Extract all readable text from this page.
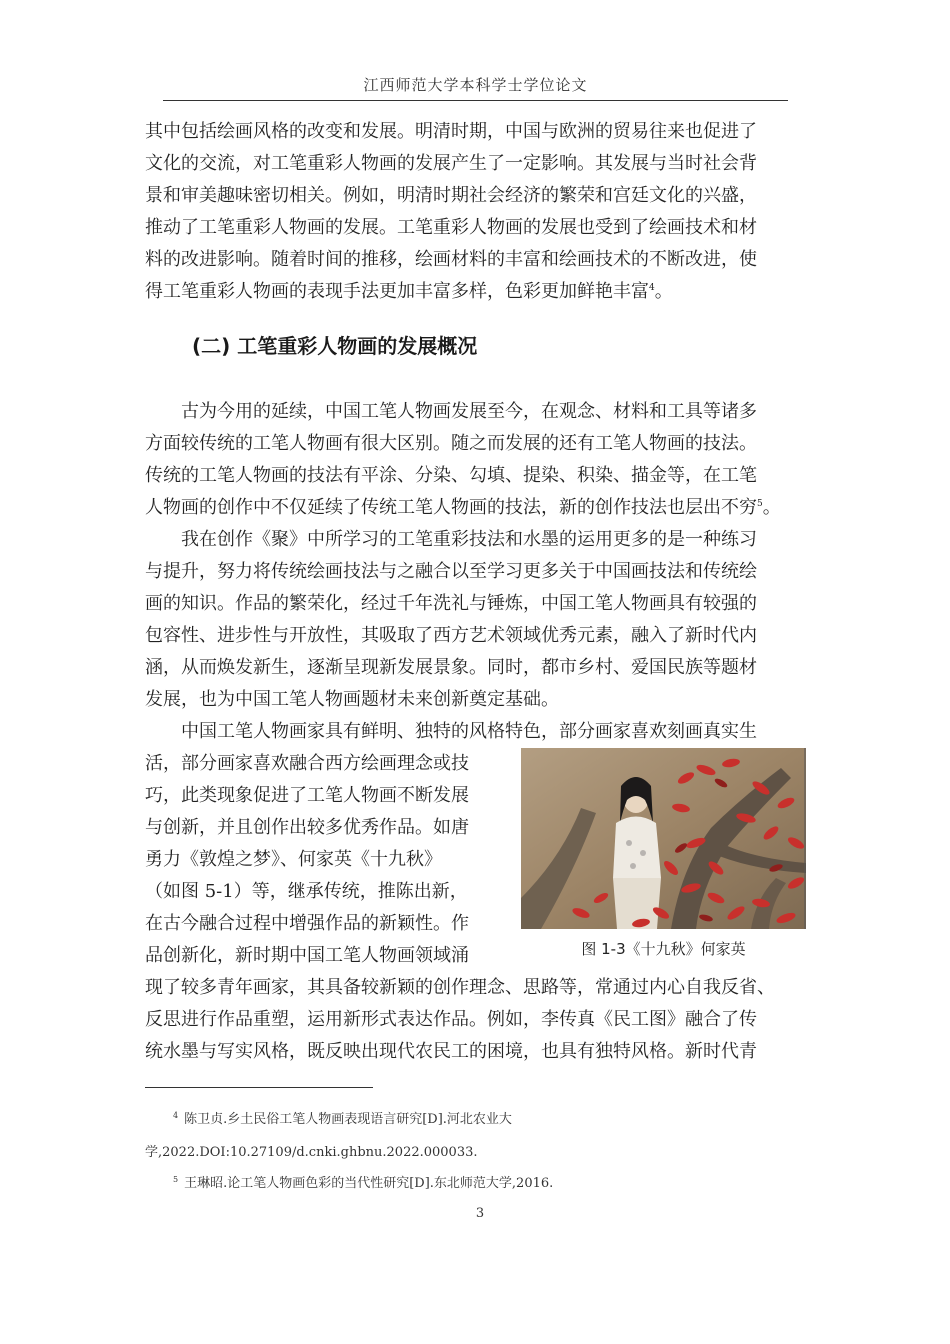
江西师范大学本科学士学位论文
其中包括绘画风格的改变和发展。明清时期，中国与欧洲的贸易往来也促进了
文化的交流，对工笔重彩人物画的发展产生了一定影响。其发展与当时社会背
景和审美趣味密切相关。例如，明清时期社会经济的繁荣和宫廷文化的兴盛，
推动了工笔重彩人物画的发展。工笔重彩人物画的发展也受到了绘画技术和材
料的改进影响。随着时间的推移，绘画材料的丰富和绘画技术的不断改进，使
得工笔重彩人物画的表现手法更加丰富多样，色彩更加鲜艳丰富$^4$。
(二) 工笔重彩人物画的发展概况
古为今用的延续，中国工笔人物画发展至今，在观念、材料和工具等诸多
方面较传统的工笔人物画有很大区别。随之而发展的还有工笔人物画的技法。
传统的工笔人物画的技法有平涂、分染、勾填、提染、积染、描金等，在工笔
人物画的创作中不仅延续了传统工笔人物画的技法，新的创作技法也层出不穷$^5$。
我在创作《聚》中所学习的工笔重彩技法和水墨的运用更多的是一种练习
与提升，努力将传统绘画技法与之融合以至学习更多关于中国画技法和传统绘
画的知识。作品的繁荣化，经过千年洗礼与锤炼，中国工笔人物画具有较强的
包容性、进步性与开放性，其吸取了西方艺术领域优秀元素，融入了新时代内
涵，从而焕发新生，逐渐呈现新发展景象。同时，都市乡村、爱国民族等题材
发展，也为中国工笔人物画题材未来创新奠定基础。
中国工笔人物画家具有鲜明、独特的风格特色，部分画家喜欢刻画真实生
活，部分画家喜欢融合西方绘画理念或技
巧，此类现象促进了工笔人物画不断发展
与创新，并且创作出较多优秀作品。如唐
勇力《敦煌之梦》、何家英《十九秋》
（如图 5-1）等，继承传统，推陈出新，
在古今融合过程中增强作品的新颖性。作
品创新化，新时期中国工笔人物画领域涌
现了较多青年画家，其具备较新颖的创作理念、思路等，常通过内心自我反省、
反思进行作品重塑，运用新形式表达作品。例如，李传真《民工图》融合了传
统水墨与写实风格，既反映出现代农民工的困境，也具有独特风格。新时代青
图 1-3《十九秋》何家英
$^4$ 陈卫贞.乡土民俗工笔人物画表现语言研究[D].河北农业大
学,2022.DOI:10.27109/d.cnki.ghbnu.2022.000033.
$^5$ 王琳昭.论工笔人物画色彩的当代性研究[D].东北师范大学,2016.
3
